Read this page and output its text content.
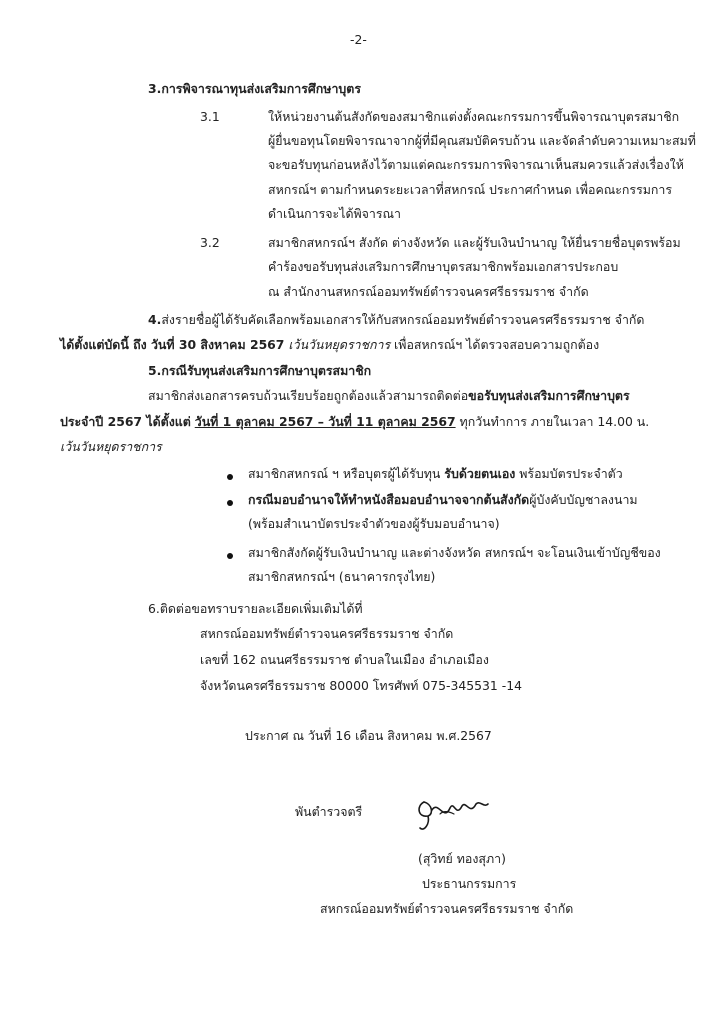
-2-
3.การพิจารณาทุนส่งเสริมการศึกษาบุตร
3.1	ให้หน่วยงานต้นสังกัดของสมาชิกแต่งตั้งคณะกรรมการขึ้นพิจารณาบุตรสมาชิก
ผู้ยื่นขอทุนโดยพิจารณาจากผู้ที่มีคุณสมบัติครบถ้วน และจัดลำดับความเหมาะสมที่
จะขอรับทุนก่อนหลังไว้ตามแต่คณะกรรมการพิจารณาเห็นสมควรแล้วส่งเรื่องให้
สหกรณ์ฯ ตามกำหนดระยะเวลาที่สหกรณ์ ประกาศกำหนด เพื่อคณะกรรมการ
ดำเนินการจะได้พิจารณา
3.2	สมาชิกสหกรณ์ฯ สังกัด ต่างจังหวัด และผู้รับเงินบำนาญ ให้ยื่นรายชื่อบุตรพร้อม
คำร้องขอรับทุนส่งเสริมการศึกษาบุตรสมาชิกพร้อมเอกสารประกอบ
ณ สำนักงานสหกรณ์ออมทรัพย์ตำรวจนครศรีธรรมราช จำกัด
4.ส่งรายชื่อผู้ได้รับคัดเลือกพร้อมเอกสารให้กับสหกรณ์ออมทรัพย์ตำรวจนครศรีธรรมราช จำกัด
ได้ตั้งแต่บัดนี้ ถึง วันที่ 30 สิงหาคม 2567 เว้นวันหยุดราชการ เพื่อสหกรณ์ฯ ได้ตรวจสอบความถูกต้อง
5.กรณีรับทุนส่งเสริมการศึกษาบุตรสมาชิก
สมาชิกส่งเอกสารครบถ้วนเรียบร้อยถูกต้องแล้วสามารถติดต่อขอรับทุนส่งเสริมการศึกษาบุตร
ประจำปี 2567 ได้ตั้งแต่ วันที่ 1 ตุลาคม 2567 – วันที่ 11 ตุลาคม 2567 ทุกวันทำการ ภายในเวลา 14.00 น.
เว้นวันหยุดราชการ
สมาชิกสหกรณ์ ฯ หรือบุตรผู้ได้รับทุน รับด้วยตนเอง พร้อมบัตรประจำตัว
กรณีมอบอำนาจให้ทำหนังสือมอบอำนาจจากต้นสังกัดผู้บังคับบัญชาลงนาม
(พร้อมสำเนาบัตรประจำตัวของผู้รับมอบอำนาจ)
สมาชิกสังกัดผู้รับเงินบำนาญ และต่างจังหวัด สหกรณ์ฯ จะโอนเงินเข้าบัญชีของ
สมาชิกสหกรณ์ฯ (ธนาคารกรุงไทย)
6.ติดต่อขอทราบรายละเอียดเพิ่มเติมได้ที่
สหกรณ์ออมทรัพย์ตำรวจนครศรีธรรมราช จำกัด
เลขที่ 162 ถนนศรีธรรมราช ตำบลในเมือง อำเภอเมือง
จังหวัดนครศรีธรรมราช 80000 โทรศัพท์ 075-345531 -14
ประกาศ ณ วันที่ 16 เดือน สิงหาคม พ.ศ.2567
พันตำรวจตรี
(สุวิทย์ ทองสุภา)
ประธานกรรมการ
สหกรณ์ออมทรัพย์ตำรวจนครศรีธรรมราช จำกัด
